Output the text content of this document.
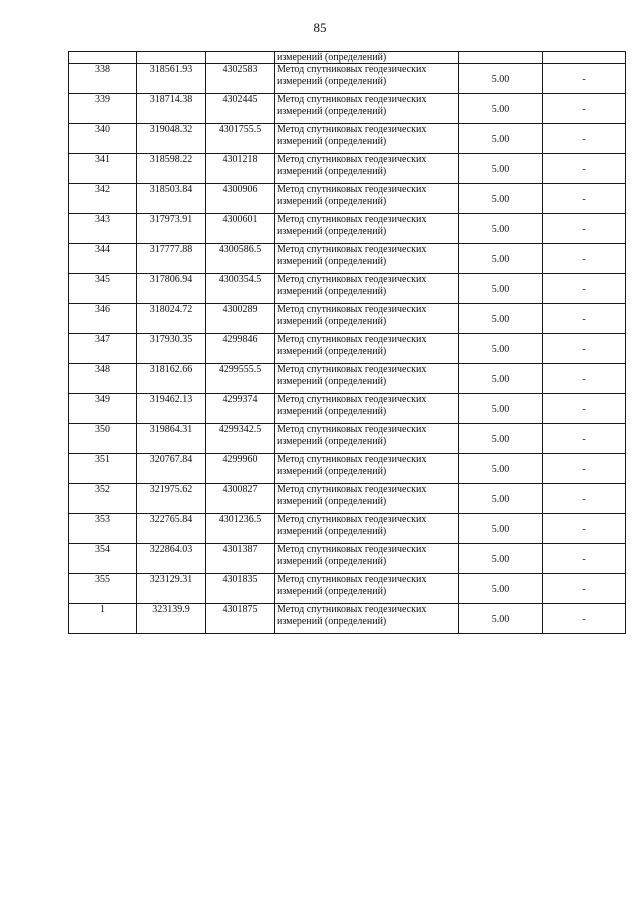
85
			измерений (определений)		
338	318561.93	4302583	Метод спутниковых геодезических измерений (определений)	5.00	-
339	318714.38	4302445	Метод спутниковых геодезических измерений (определений)	5.00	-
340	319048.32	4301755.5	Метод спутниковых геодезических измерений (определений)	5.00	-
341	318598.22	4301218	Метод спутниковых геодезических измерений (определений)	5.00	-
342	318503.84	4300906	Метод спутниковых геодезических измерений (определений)	5.00	-
343	317973.91	4300601	Метод спутниковых геодезических измерений (определений)	5.00	-
344	317777.88	4300586.5	Метод спутниковых геодезических измерений (определений)	5.00	-
345	317806.94	4300354.5	Метод спутниковых геодезических измерений (определений)	5.00	-
346	318024.72	4300289	Метод спутниковых геодезических измерений (определений)	5.00	-
347	317930.35	4299846	Метод спутниковых геодезических измерений (определений)	5.00	-
348	318162.66	4299555.5	Метод спутниковых геодезических измерений (определений)	5.00	-
349	319462.13	4299374	Метод спутниковых геодезических измерений (определений)	5.00	-
350	319864.31	4299342.5	Метод спутниковых геодезических измерений (определений)	5.00	-
351	320767.84	4299960	Метод спутниковых геодезических измерений (определений)	5.00	-
352	321975.62	4300827	Метод спутниковых геодезических измерений (определений)	5.00	-
353	322765.84	4301236.5	Метод спутниковых геодезических измерений (определений)	5.00	-
354	322864.03	4301387	Метод спутниковых геодезических измерений (определений)	5.00	-
355	323129.31	4301835	Метод спутниковых геодезических измерений (определений)	5.00	-
1	323139.9	4301875	Метод спутниковых геодезических измерений (определений)	5.00	-
